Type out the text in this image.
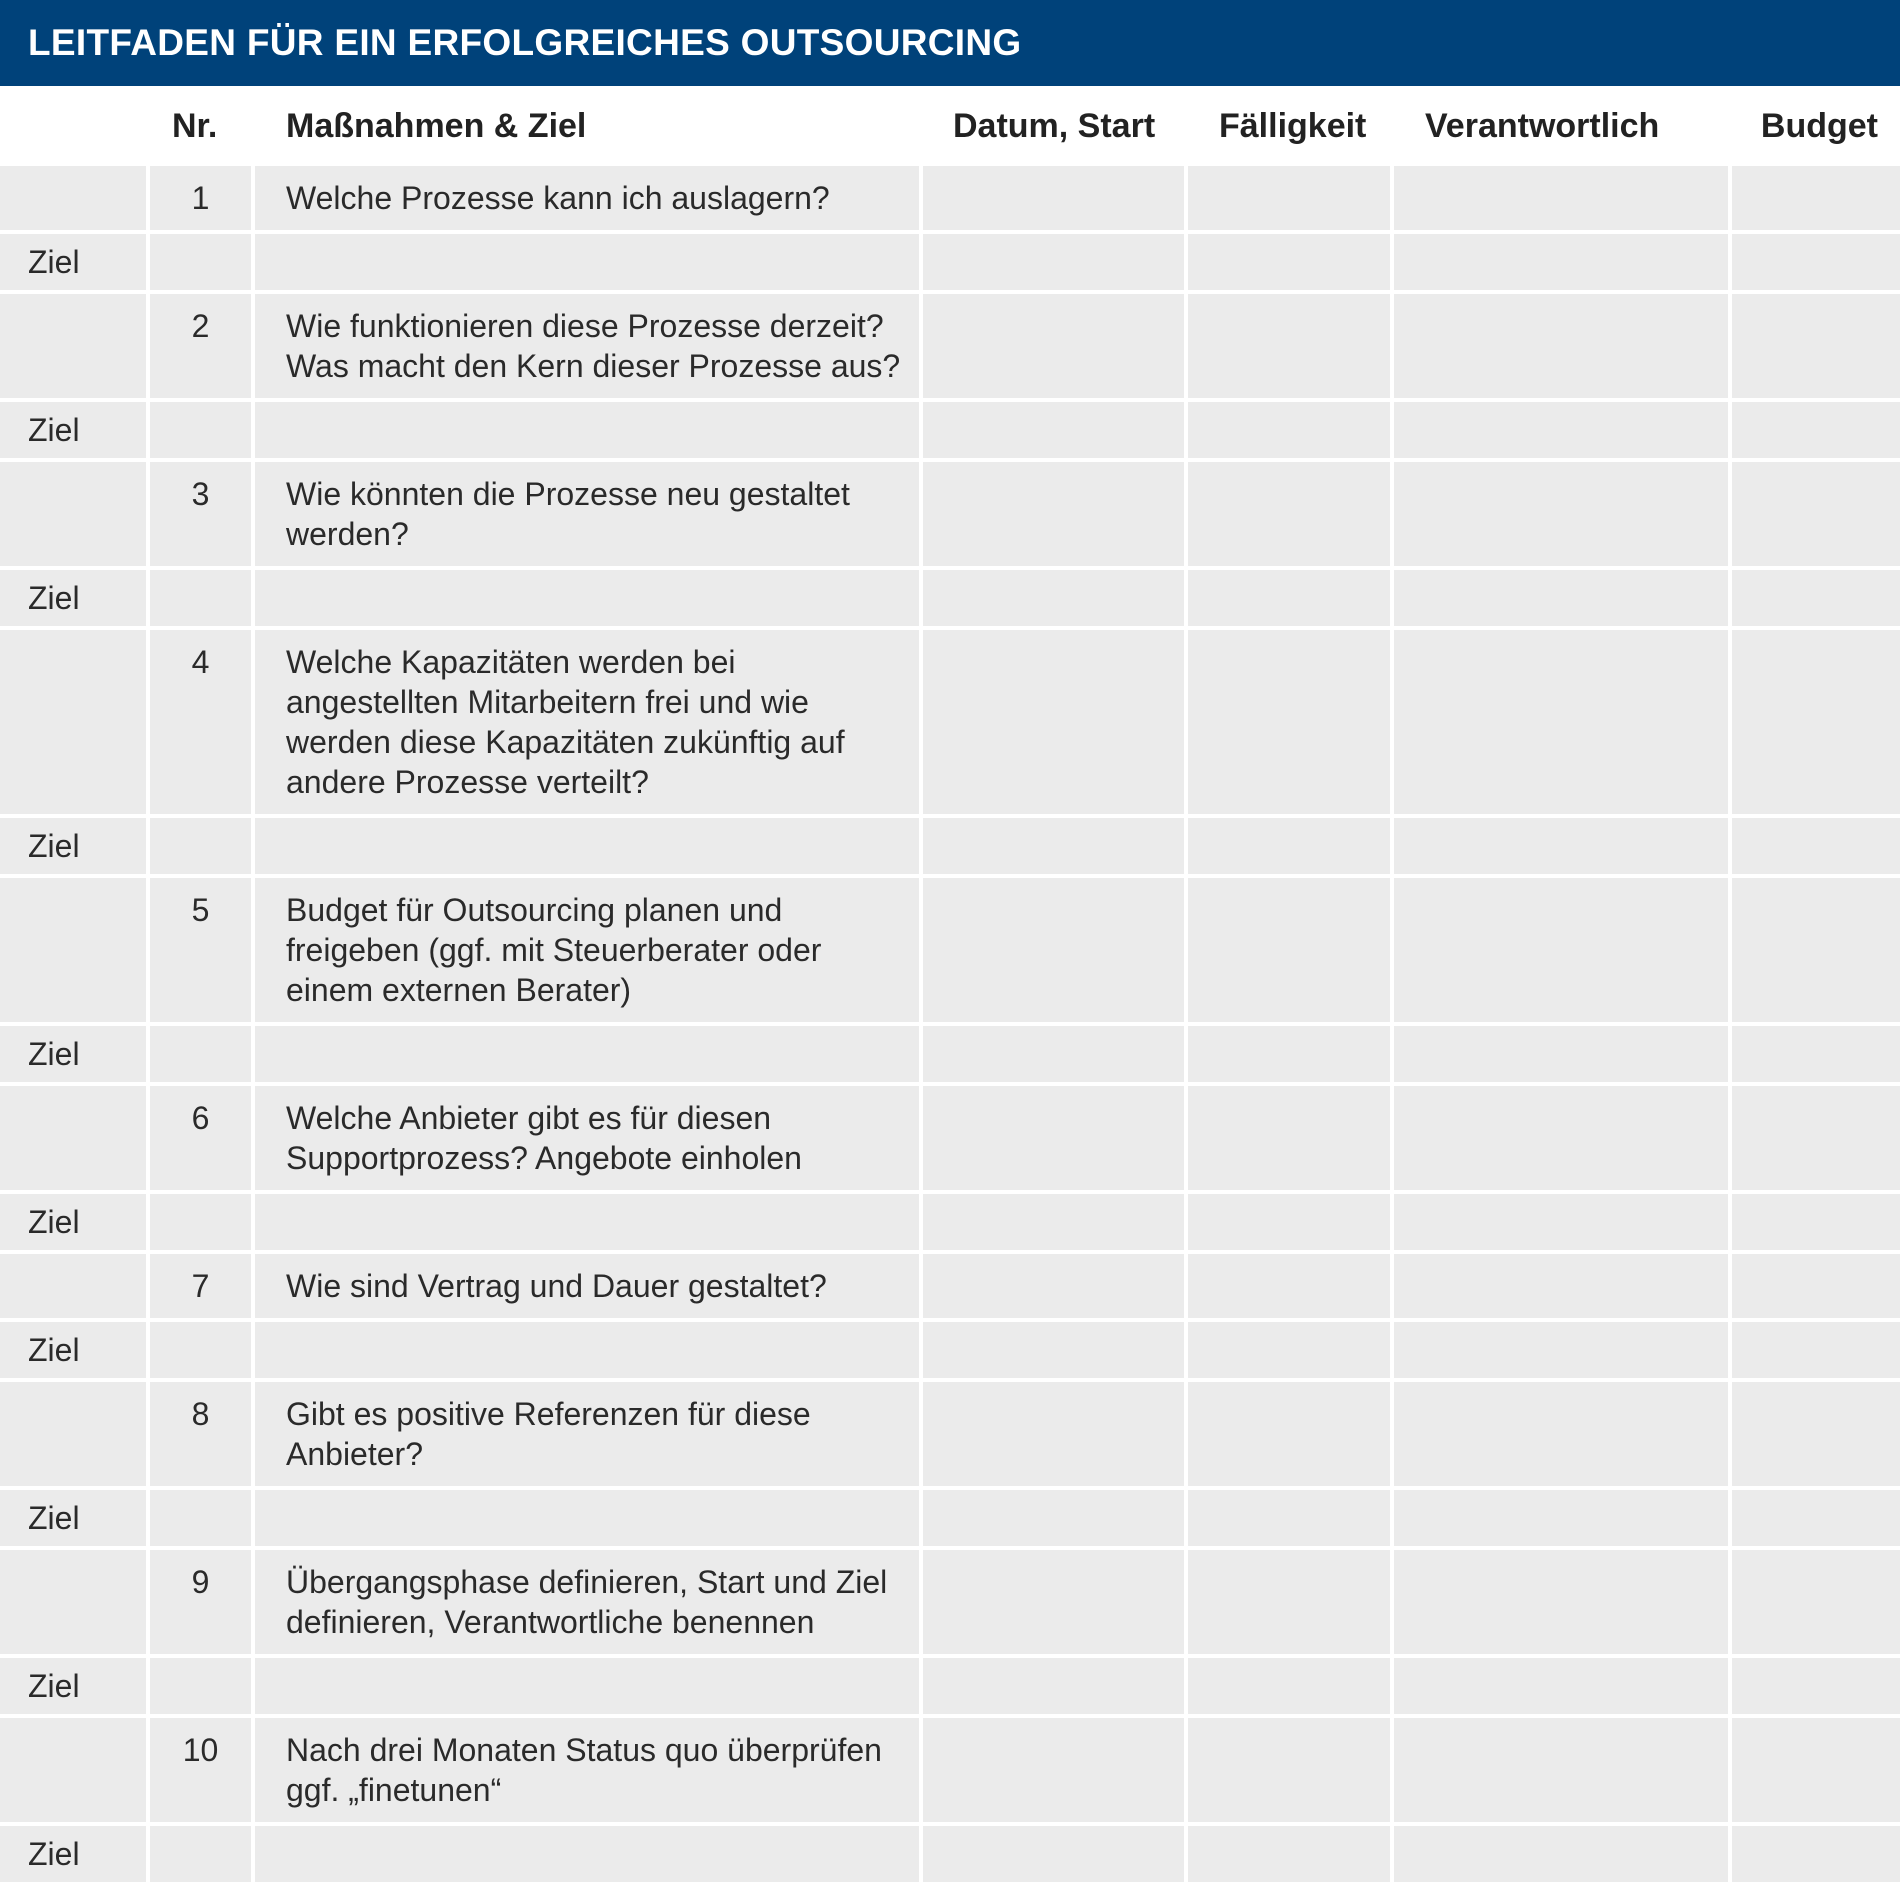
LEITFADEN FÜR EIN ERFOLGREICHES OUTSOURCING
	Nr.	Maßnahmen & Ziel	Datum, Start	Fälligkeit	Verantwortlich	Budget
	1	Welche Prozesse kann ich auslagern?				
Ziel						
	2	Wie funktionieren diese Prozesse derzeit? Was macht den Kern dieser Prozesse aus?				
Ziel						
	3	Wie könnten die Prozesse neu gestaltet werden?				
Ziel						
	4	Welche Kapazitäten werden bei angestellten Mitarbeitern frei und wie werden diese Kapazitäten zukünftig auf andere Prozesse verteilt?				
Ziel						
	5	Budget für Outsourcing planen und freigeben (ggf. mit Steuerberater oder einem externen Berater)				
Ziel						
	6	Welche Anbieter gibt es für diesen Supportprozess? Angebote einholen				
Ziel						
	7	Wie sind Vertrag und Dauer gestaltet?				
Ziel						
	8	Gibt es positive Referenzen für diese Anbieter?				
Ziel						
	9	Übergangsphase definieren, Start und Ziel definieren, Verantwortliche benennen				
Ziel						
	10	Nach drei Monaten Status quo überprüfen ggf. „finetunen“				
Ziel						
